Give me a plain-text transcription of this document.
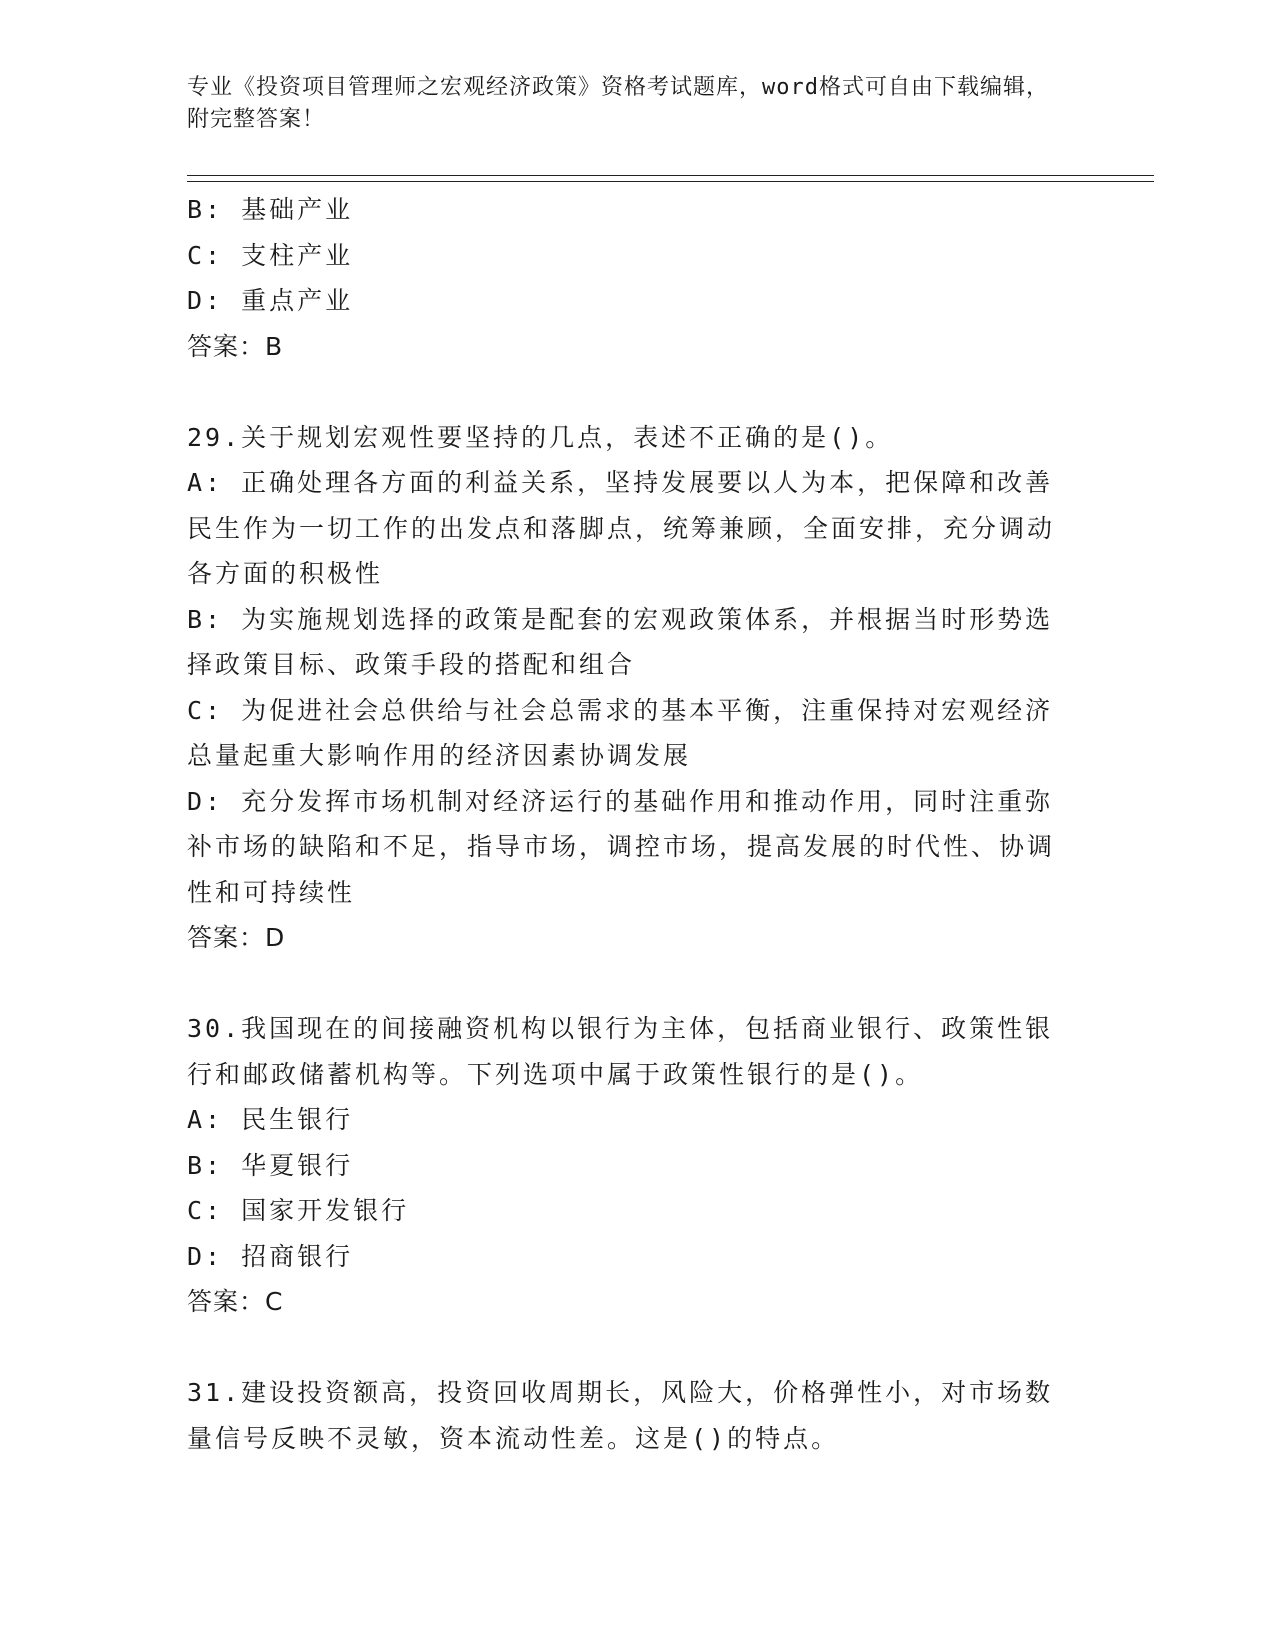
专业《投资项目管理师之宏观经济政策》资格考试题库，word格式可自由下载编辑，附完整答案！
B: 基础产业
C: 支柱产业
D: 重点产业
答案：B
29.关于规划宏观性要坚持的几点，表述不正确的是()。
A: 正确处理各方面的利益关系，坚持发展要以人为本，把保障和改善民生作为一切工作的出发点和落脚点，统筹兼顾，全面安排，充分调动各方面的积极性
B: 为实施规划选择的政策是配套的宏观政策体系，并根据当时形势选择政策目标、政策手段的搭配和组合
C: 为促进社会总供给与社会总需求的基本平衡，注重保持对宏观经济总量起重大影响作用的经济因素协调发展
D: 充分发挥市场机制对经济运行的基础作用和推动作用，同时注重弥补市场的缺陷和不足，指导市场，调控市场，提高发展的时代性、协调性和可持续性
答案：D
30.我国现在的间接融资机构以银行为主体，包括商业银行、政策性银行和邮政储蓄机构等。下列选项中属于政策性银行的是()。
A: 民生银行
B: 华夏银行
C: 国家开发银行
D: 招商银行
答案：C
31.建设投资额高，投资回收周期长，风险大，价格弹性小，对市场数量信号反映不灵敏，资本流动性差。这是()的特点。
